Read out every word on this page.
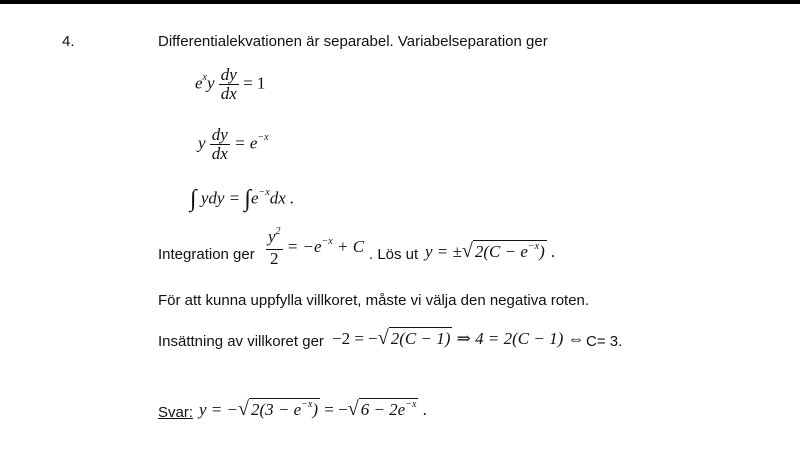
4.	Differentialekvationen är separabel. Variabelseparation ger
$e^xy \frac{dy}{dx} = 1$
y $\frac{dy}{dx} = e^{-x}$
∫ ydy = $\int e^{-x}dx$ .
Integration ger $\frac{y^2}{2} = -e^{-x} + C$ . Lös ut y = ±√ $2(C - e^{-x})$ .
För att kunna uppfylla villkoret, måste vi välja den negativa roten.
Insättning av villkoret ger −2 = −√ 2(C − 1) ⇒ 4 = 2(C − 1) ⇔ C= 3.
Svar: y = −√ $2(3 - e^{-x})$ = −√ $6 - 2e^{-x}$ .
